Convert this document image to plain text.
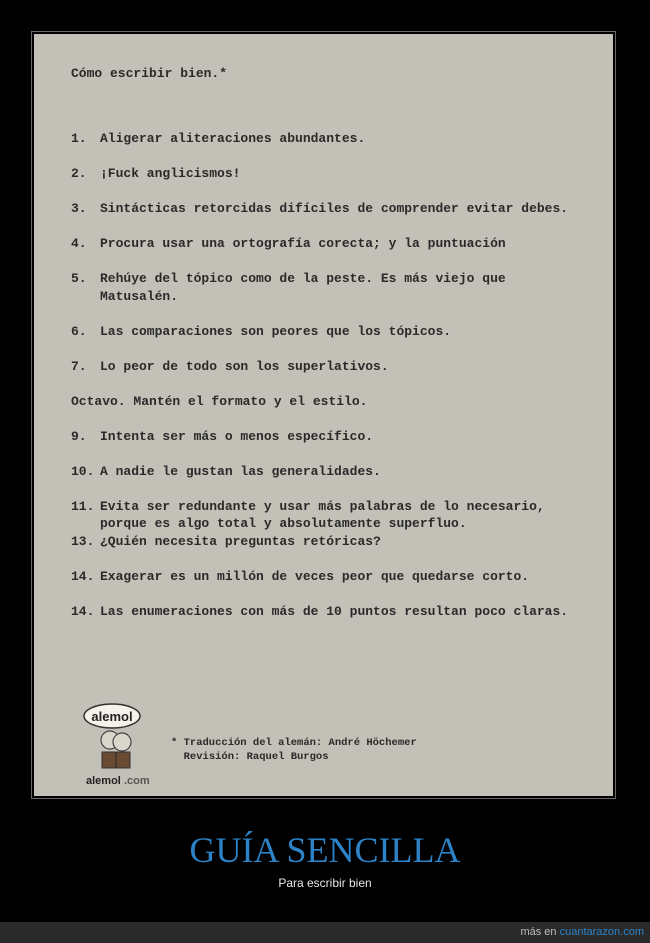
Cómo escribir bien.*
1.	Aligerar aliteraciones abundantes.
2.	¡Fuck anglicismos!
3.	Sintácticas retorcidas difíciles de comprender evitar debes.
4.	Procura usar una ortografía corecta; y la puntuación
5.	Rehúye del tópico como de la peste. Es más viejo que Matusalén.
6.	Las comparaciones son peores que los tópicos.
7.	Lo peor de todo son los superlativos.
Octavo. Mantén el formato y el estilo.
9.	Intenta ser más o menos específico.
10. A nadie le gustan las generalidades.
11. Evita ser redundante y usar más palabras de lo necesario, porque es algo total y absolutamente superfluo.
13. ¿Quién necesita preguntas retóricas?
14. Exagerar es un millón de veces peor que quedarse corto.
14. Las enumeraciones con más de 10 puntos resultan poco claras.
alemol
alemol .com
* Traducción del alemán: André Höchemer
Revisión: Raquel Burgos
GUÍA SENCILLA
Para escribir bien
más en cuantarazon.com
